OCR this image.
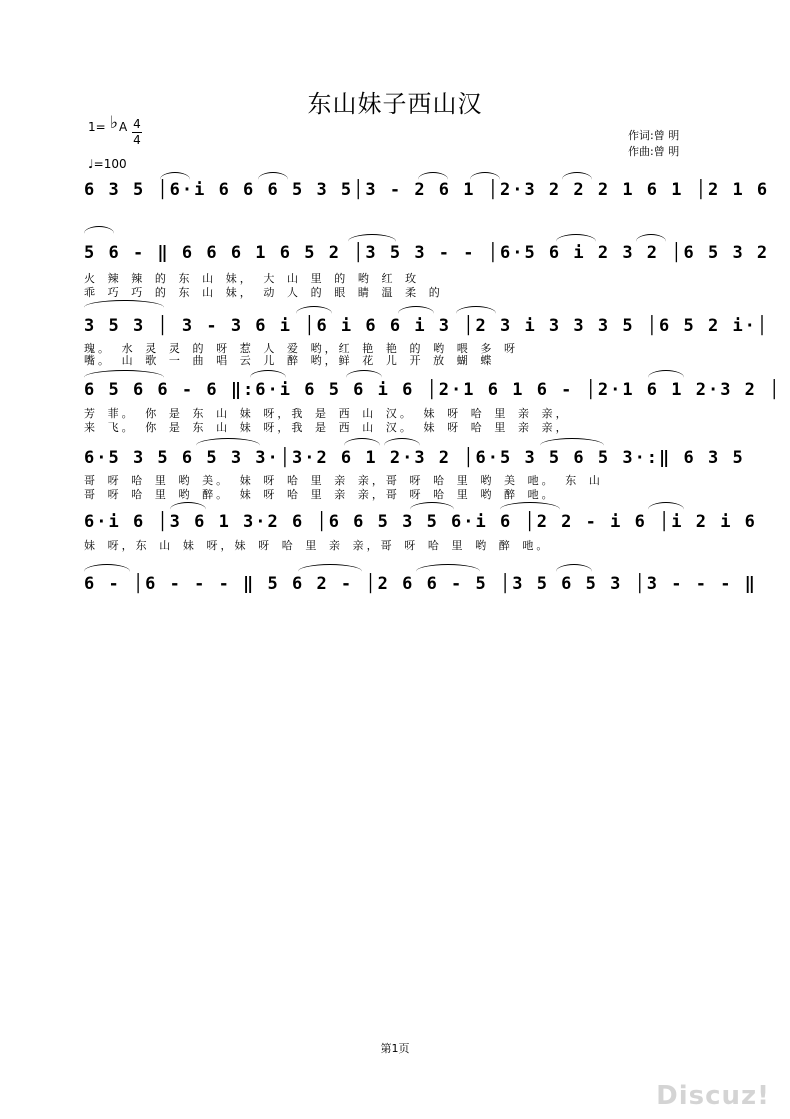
东山妹子西山汉
1= ♭ A 4
4
♩=100
作词:曾 明
作曲:曾 明
6 3 5 │6·i 6 6 6 5 3 5│3 - 2 6 1 │2·3 2 2 2 1 6 1 │2 1 6
5 6 - ‖ 6 6 6 1 6 5 2 │3 5 3 - - │6·5 6 i 2 3 2 │6 5 3 2
火 辣 辣 的 东 山 妹， 大 山 里 的 哟 红 玫
乖 巧 巧 的 东 山 妹， 动 人 的 眼 睛 温 柔 的
3 5 3 │ 3 - 3 6 i │6 i 6 6 i 3 │2 3 i 3 3 3 5 │6 5 2 i·│
瑰。 水 灵 灵 的 呀 惹 人 爱 哟，红 艳 艳 的 哟 喂 多 呀
嘴。 山 歌 一 曲 唱 云 儿 醉 哟，鲜 花 儿 开 放 蝴 蝶
6 5 6 6 - 6 ‖:6·i 6 5 6 i 6 │2·1 6 1 6 - │2·1 6 1 2·3 2 │
芳 菲。 你 是 东 山 妹 呀，我 是 西 山 汉。 妹 呀 哈 里 亲 亲，
来 飞。 你 是 东 山 妹 呀，我 是 西 山 汉。 妹 呀 哈 里 亲 亲，
6·5 3 5 6 5 3 3·│3·2 6 1 2·3 2 │6·5 3 5 6 5 3·:‖ 6 3 5
哥 呀 哈 里 哟 美。 妹 呀 哈 里 亲 亲，哥 呀 哈 里 哟 美 吔。 东 山
哥 呀 哈 里 哟 醉。 妹 呀 哈 里 亲 亲，哥 呀 哈 里 哟 醉 吔。
6·i 6 │3 6 1 3·2 6 │6 6 5 3 5 6·i 6 │2 2 - i 6 │i 2 i 6
妹 呀，东 山 妹 呀，妹 呀 哈 里 亲 亲，哥 呀 哈 里 哟 醉 吔。
6 - │6 - - - ‖ 5 6 2 - │2 6 6 - 5 │3 5 6 5 3 │3 - - - ‖
第1页
Discuz!
